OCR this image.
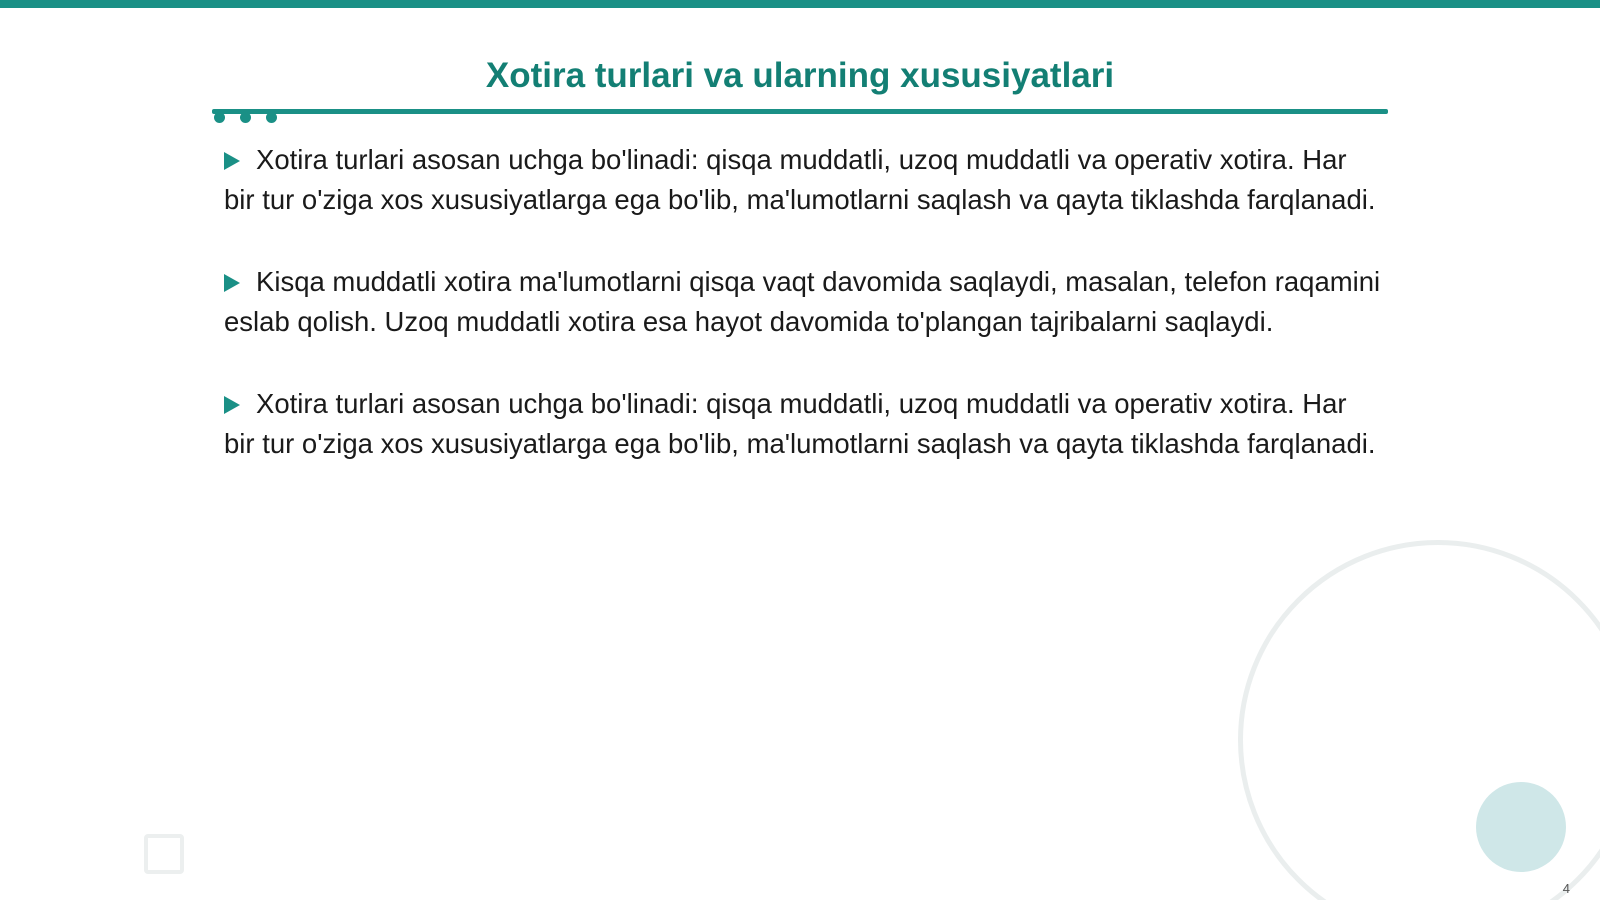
Xotira turlari va ularning xususiyatlari
Xotira turlari asosan uchga bo'linadi: qisqa muddatli, uzoq muddatli va operativ xotira. Har bir tur o'ziga xos xususiyatlarga ega bo'lib, ma'lumotlarni saqlash va qayta tiklashda farqlanadi.
Kisqa muddatli xotira ma'lumotlarni qisqa vaqt davomida saqlaydi, masalan, telefon raqamini eslab qolish. Uzoq muddatli xotira esa hayot davomida to'plangan tajribalarni saqlaydi.
Xotira turlari asosan uchga bo'linadi: qisqa muddatli, uzoq muddatli va operativ xotira. Har bir tur o'ziga xos xususiyatlarga ega bo'lib, ma'lumotlarni saqlash va qayta tiklashda farqlanadi.
4
